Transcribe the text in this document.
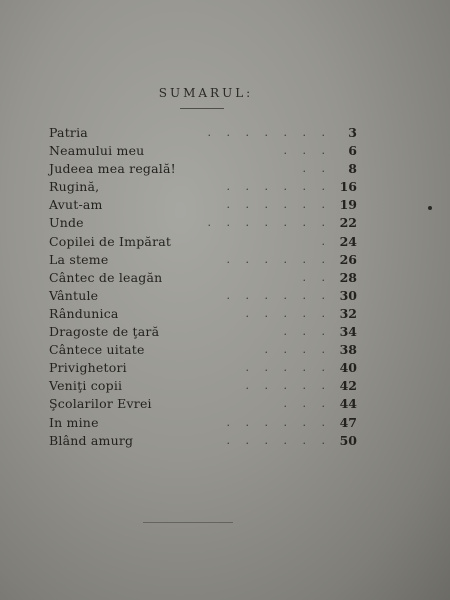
SUMARUL:
Patria	. . . . . . .	3
Neamului meu	. . .	6
Judeea mea regală!	. .	8
Rugină,	. . . . . . 16
Avut-am	. . . . . . 19
Unde	. . . . . . . 22
Copilei de Impărat	. 24
La steme	. . . . . . 26
Cântec de leagăn	. . 28
Vântule	. . . . . . 30
Rândunica	. . . . . 32
Dragoste de ţară	. . . 34
Cântece uitate	. . . . 38
Privighetori	. . . . . 40
Veniţi copii	. . . . . 42
Şcolarilor Evrei	. . . 44
In mine	. . . . . . 47
Blând amurg	. . . . . . 50
